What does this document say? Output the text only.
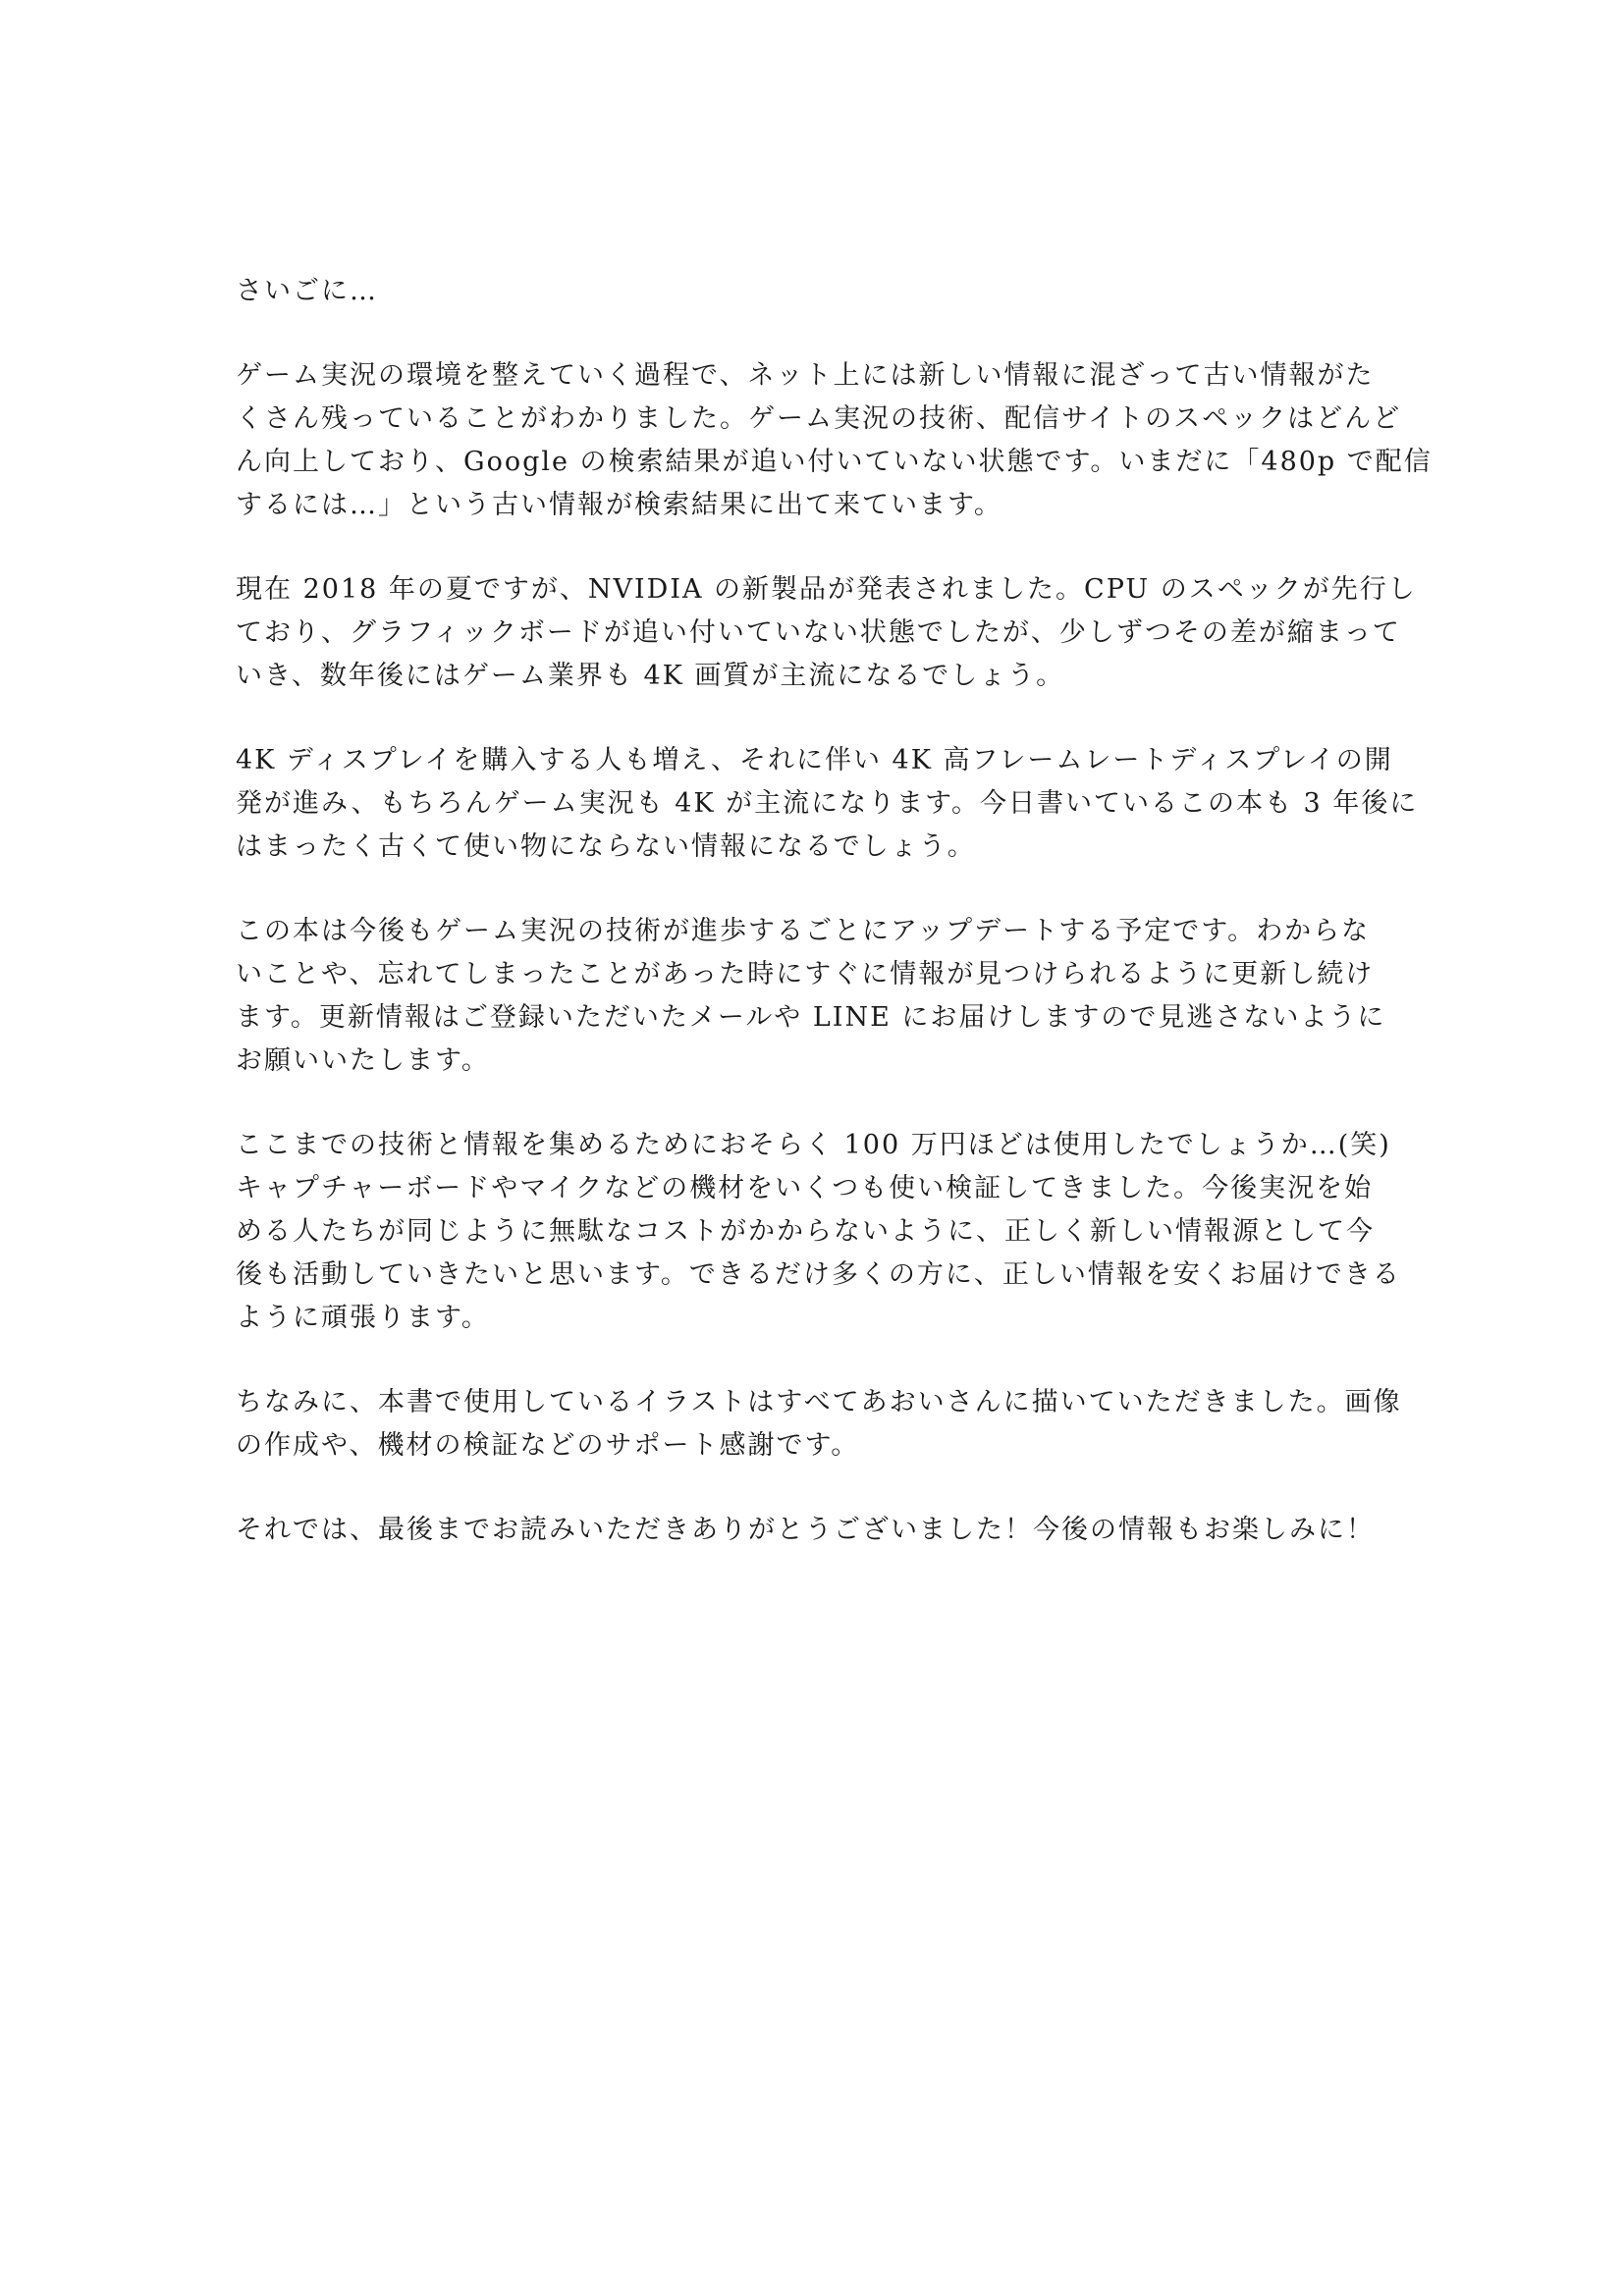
さいごに…
ゲーム実況の環境を整えていく過程で、ネット上には新しい情報に混ざって古い情報がた
くさん残っていることがわかりました。ゲーム実況の技術、配信サイトのスペックはどんど
ん向上しており、Google の検索結果が追い付いていない状態です。いまだに「480p で配信
するには…」という古い情報が検索結果に出て来ています。
現在 2018 年の夏ですが、NVIDIA の新製品が発表されました。CPU のスペックが先行し
ており、グラフィックボードが追い付いていない状態でしたが、少しずつその差が縮まって
いき、数年後にはゲーム業界も 4K 画質が主流になるでしょう。
4K ディスプレイを購入する人も増え、それに伴い 4K 高フレームレートディスプレイの開
発が進み、もちろんゲーム実況も 4K が主流になります。今日書いているこの本も 3 年後に
はまったく古くて使い物にならない情報になるでしょう。
この本は今後もゲーム実況の技術が進歩するごとにアップデートする予定です。わからな
いことや、忘れてしまったことがあった時にすぐに情報が見つけられるように更新し続け
ます。更新情報はご登録いただいたメールや LINE にお届けしますので見逃さないように
お願いいたします。
ここまでの技術と情報を集めるためにおそらく 100 万円ほどは使用したでしょうか…(笑)
キャプチャーボードやマイクなどの機材をいくつも使い検証してきました。今後実況を始
める人たちが同じように無駄なコストがかからないように、正しく新しい情報源として今
後も活動していきたいと思います。できるだけ多くの方に、正しい情報を安くお届けできる
ように頑張ります。
ちなみに、本書で使用しているイラストはすべてあおいさんに描いていただきました。画像
の作成や、機材の検証などのサポート感謝です。
それでは、最後までお読みいただきありがとうございました！今後の情報もお楽しみに！
